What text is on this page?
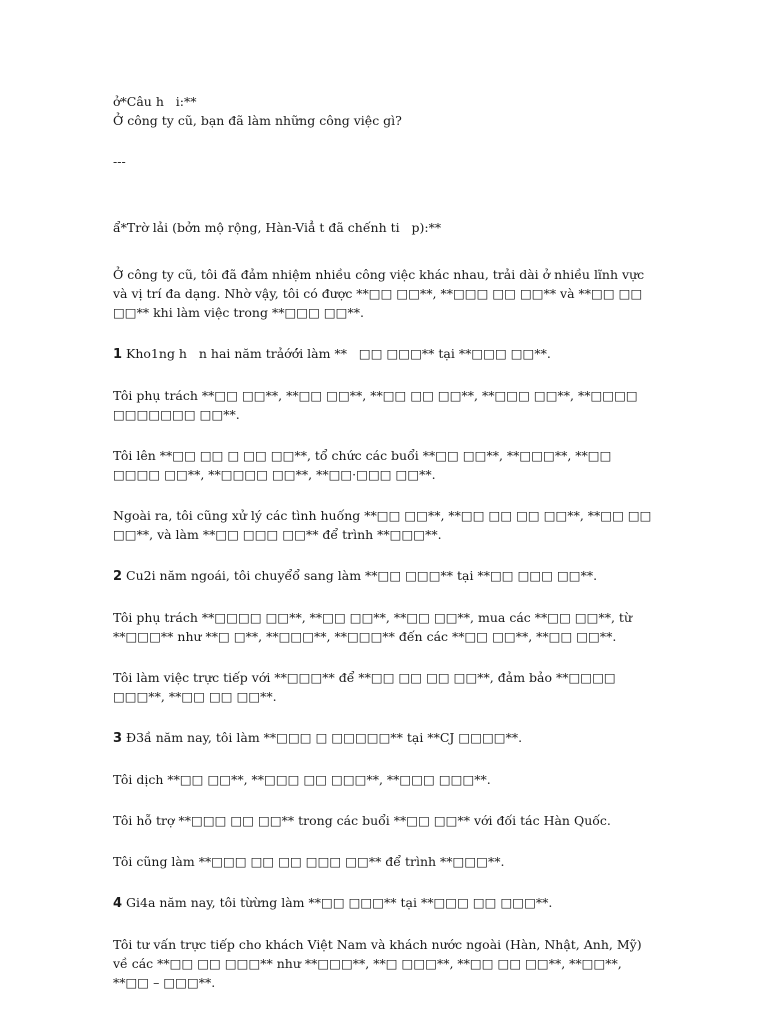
ở*Câu h   i:**

Ở công ty cũ, bạn đã làm những công việc gì?

---

ẩ*Trờ lải (bởn mộ rộng, Hàn-Viẳ t đã chếnh ti   p):**

Ở công ty cũ, tôi đã đảm nhiệm nhiều công việc khác nhau, trải dài ở nhiều lĩnh vực và vị trí đa dạng. Nhờ vậy, tôi có được **□□ □□**, **□□□ □□ □□** và **□□ □□ □□** khi làm việc trong **□□□ □□**.

1 Kho1ng h   n hai năm trảớớ́i làm **   □□ □□□** tại **□□□ □□**.

Tôi phụ trách **□□ □□**, **□□ □□**, **□□ □□ □□**, **□□□ □□**, **□□□□ □□□□□□□ □□**.

Tôi lên **□□ □□ □ □□ □□**, tổ chức các buổi **□□ □□**, **□□□**, **□□ □□□□ □□**, **□□□□ □□**, **□□·□□□ □□**.

Ngoài ra, tôi cũng xử lý các tình huống **□□ □□**, **□□ □□ □□ □□**, **□□ □□ □□**, và làm **□□ □□□ □□** để trình **□□□**.

2 Cu2i năm ngoái, tôi chuyểổ sang làm **□□ □□□** tại **□□ □□□ □□**.

Tôi phụ trách **□□□□ □□**, **□□ □□**, **□□ □□**, mua các **□□ □□**, từ **□□□** như **□ □**, **□□□**, **□□□** đến các **□□ □□**, **□□ □□**.

Tôi làm việc trực tiếp với **□□□** để **□□ □□ □□ □□**, đảm bảo **□□□□ □□□**, **□□ □□ □□**.

3 Đ3ầ năm nay, tôi làm **□□□ □ □□□□□** tại **CJ □□□□**.

Tôi dịch **□□ □□**, **□□□ □□ □□□**, **□□□ □□□**.

Tôi hỗ trợ **□□□ □□ □□** trong các buổi **□□ □□** với đối tác Hàn Quốc.

Tôi cũng làm **□□□ □□ □□ □□□ □□** để trình **□□□**.

4 Gi4a năm nay, tôi từừng làm **□□ □□□** tại **□□□ □□ □□□**.

Tôi tư vấn trực tiếp cho khách Việt Nam và khách nước ngoài (Hàn, Nhật, Anh, Mỹ) về các **□□ □□ □□□** như **□□□**, **□ □□□**, **□□ □□ □□**, **□□**, **□□ – □□□**.
